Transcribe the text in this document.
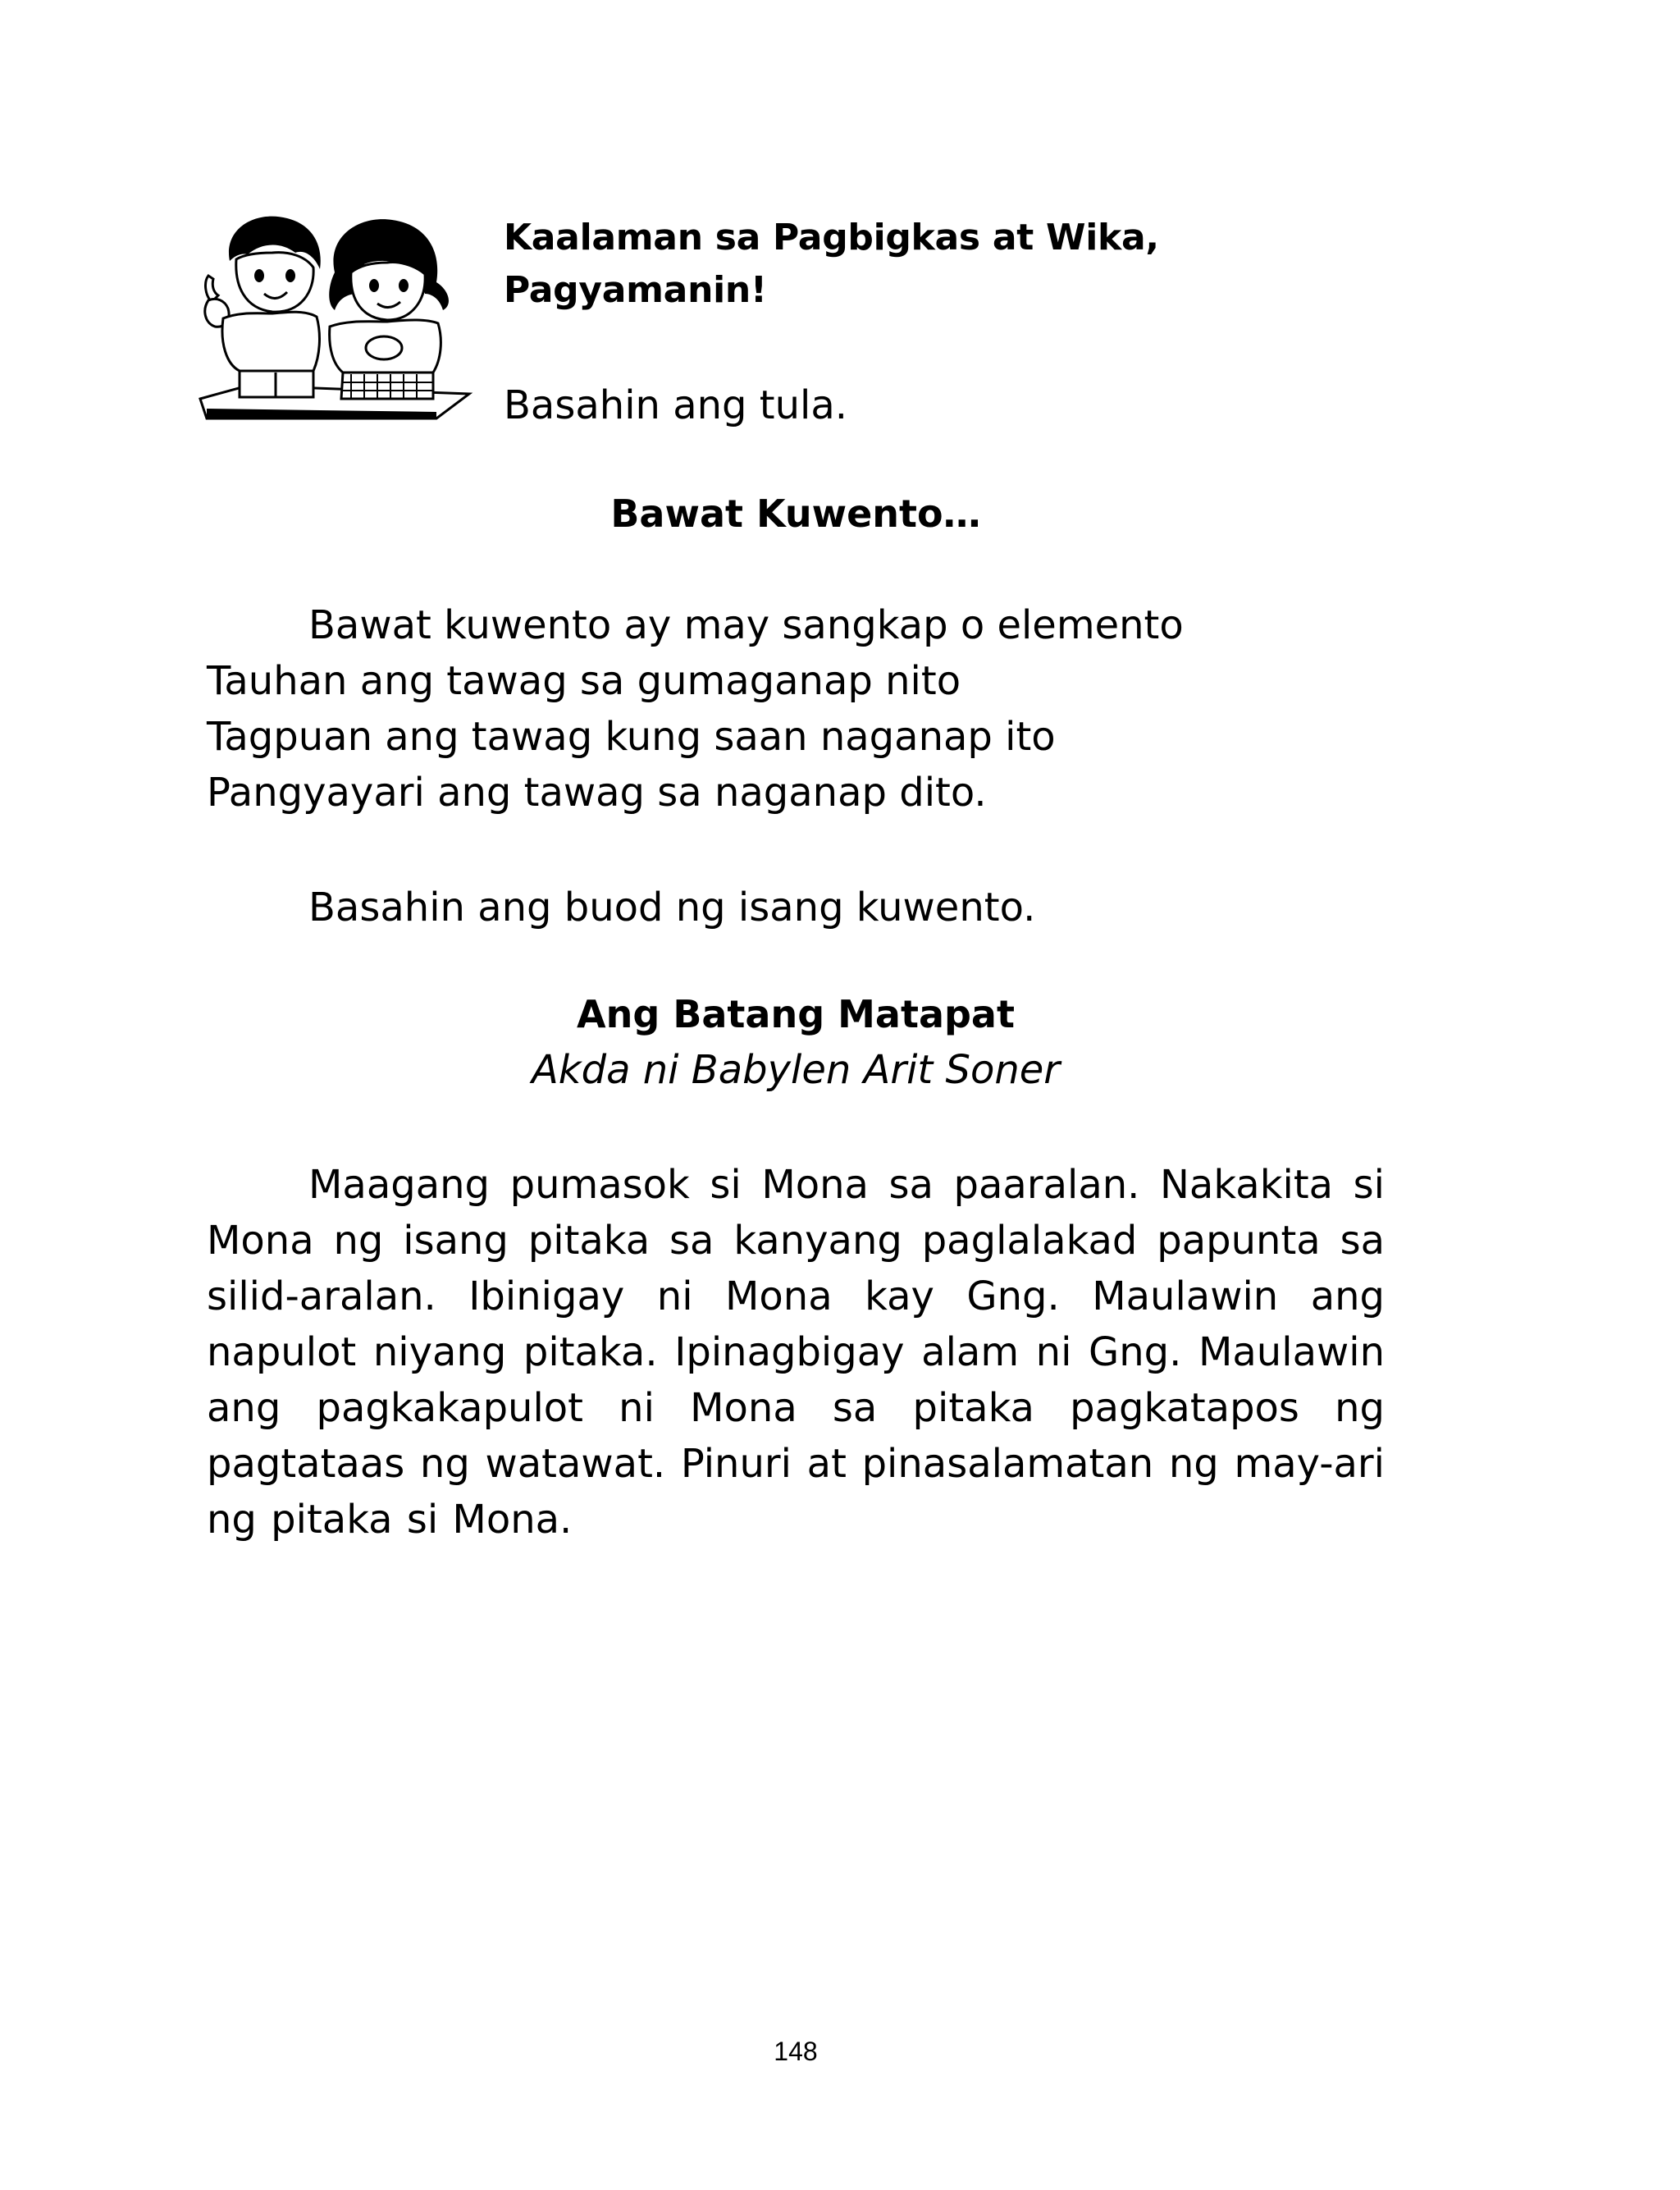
Kaalaman sa Pagbigkas at Wika,
Pagyamanin!
Basahin ang tula.
Bawat Kuwento…
Bawat kuwento ay may sangkap o elemento
Tauhan ang tawag sa gumaganap nito
Tagpuan ang tawag kung saan naganap ito
Pangyayari ang tawag sa naganap dito.
Basahin ang buod ng isang kuwento.
Ang Batang Matapat
Akda ni Babylen Arit Soner
Maagang pumasok si Mona sa paaralan. Nakakita si Mona ng isang pitaka sa kanyang paglalakad papunta sa silid-aralan. Ibinigay ni Mona kay Gng. Maulawin ang napulot niyang pitaka. Ipinagbigay alam ni Gng. Maulawin ang pagkakapulot ni Mona sa pitaka pagkatapos ng pagtataas ng watawat. Pinuri at pinasalamatan ng may-ari ng pitaka si Mona.
148
